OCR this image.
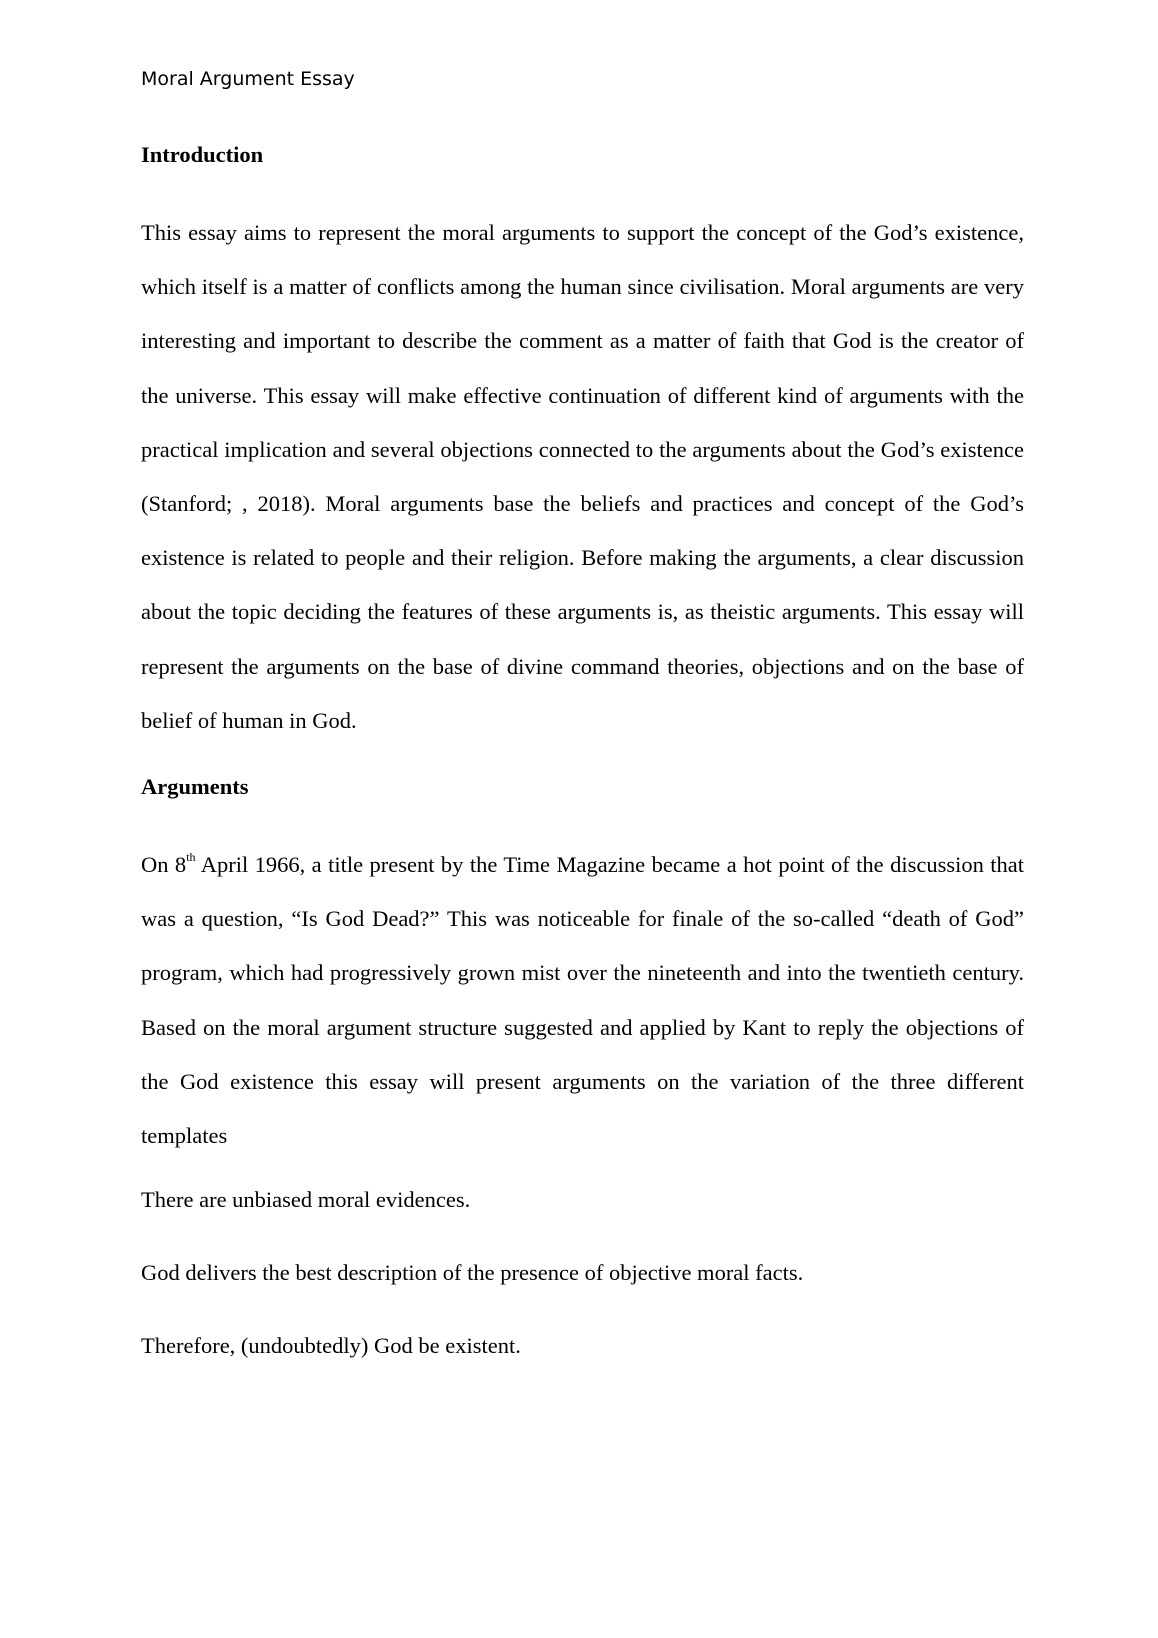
Moral Argument Essay

Introduction

This essay aims to represent the moral arguments to support the concept of the God’s existence, which itself is a matter of conflicts among the human since civilisation. Moral arguments are very interesting and important to describe the comment as a matter of faith that God is the creator of the universe. This essay will make effective continuation of different kind of arguments with the practical implication and several objections connected to the arguments about the God’s existence (Stanford; , 2018). Moral arguments base the beliefs and practices and concept of the God’s existence is related to people and their religion. Before making the arguments, a clear discussion about the topic deciding the features of these arguments is, as theistic arguments. This essay will represent the arguments on the base of divine command theories, objections and on the base of belief of human in God.

Arguments

On 8th April 1966, a title present by the Time Magazine became a hot point of the discussion that was a question, “Is God Dead?” This was noticeable for finale of the so-called “death of God” program, which had progressively grown mist over the nineteenth and into the twentieth century. Based on the moral argument structure suggested and applied by Kant to reply the objections of the God existence this essay will present arguments on the variation of the three different templates

There are unbiased moral evidences.

God delivers the best description of the presence of objective moral facts.

Therefore, (undoubtedly) God be existent.
